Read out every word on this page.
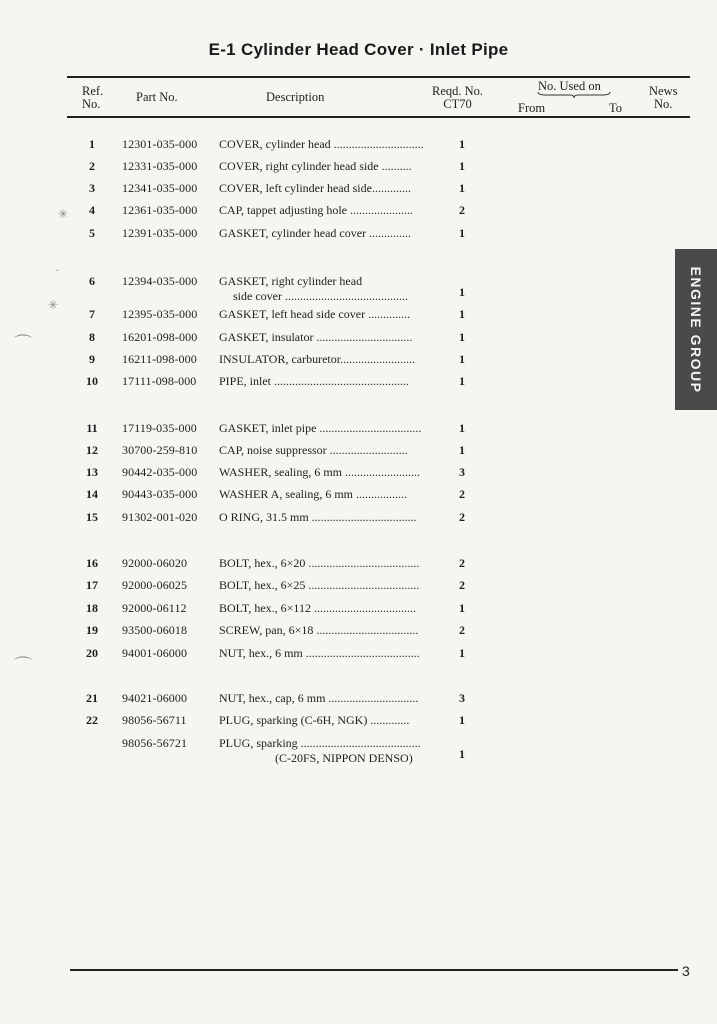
E-1 Cylinder Head Cover · Inlet Pipe
Ref.
No.	Part No.	Description	Reqd. No.
CT70
No. Used on
From	To
News
No.
1	12301-035-000 COVER, cylinder head ..............................	1
2	12331-035-000 COVER, right cylinder head side ..........	1
3	12341-035-000 COVER, left cylinder head side.............	1
4	12361-035-000 CAP, tappet adjusting hole .....................	2
5	12391-035-000 GASKET, cylinder head cover ..............	1
6	12394-035-000 GASKET, right cylinder head
side cover .........................................	1
7	12395-035-000 GASKET, left head side cover ..............	1
8	16201-098-000 GASKET, insulator ................................	1
9	16211-098-000 INSULATOR, carburetor.........................	1
10 17111-098-000 PIPE, inlet .............................................	1
11 17119-035-000 GASKET, inlet pipe ..................................	1
12 30700-259-810 CAP, noise suppressor ..........................	1
13 90442-035-000 WASHER, sealing, 6 mm .........................	3
14 90443-035-000 WASHER A, sealing, 6 mm .................	2
15 91302-001-020 O RING, 31.5 mm ...................................	2
16 92000-06020	BOLT, hex., 6×20 .....................................	2
17 92000-06025	BOLT, hex., 6×25 .....................................	2
18 92000-06112	BOLT, hex., 6×112 ..................................	1
19 93500-06018	SCREW, pan, 6×18 ..................................	2
20 94001-06000	NUT, hex., 6 mm ......................................	1
21 94021-06000	NUT, hex., cap, 6 mm ..............................	3
22 98056-56711	PLUG, sparking (C-6H, NGK) .............	1
98056-56721	PLUG, sparking ........................................
(C-20FS, NIPPON DENSO)	1
ENGINE GROUP
✳
·
✳
⌒
⌒
3
